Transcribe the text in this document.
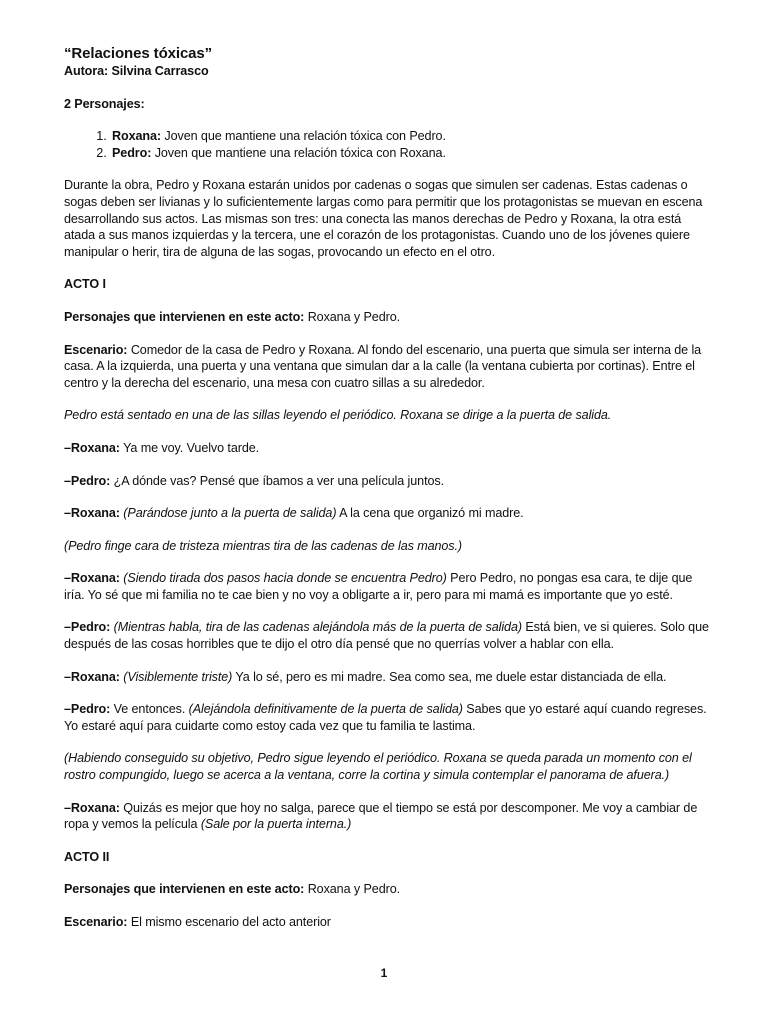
“Relaciones tóxicas”

Autora: Silvina Carrasco

2 Personajes:

1. Roxana: Joven que mantiene una relación tóxica con Pedro.
2. Pedro: Joven que mantiene una relación tóxica con Roxana.

Durante la obra, Pedro y Roxana estarán unidos por cadenas o sogas que simulen ser cadenas. Estas cadenas o sogas deben ser livianas y lo suficientemente largas como para permitir que los protagonistas se muevan en escena desarrollando sus actos. Las mismas son tres: una conecta las manos derechas de Pedro y Roxana, la otra está atada a sus manos izquierdas y la tercera, une el corazón de los protagonistas. Cuando uno de los jóvenes quiere manipular o herir, tira de alguna de las sogas, provocando un efecto en el otro.

ACTO I

Personajes que intervienen en este acto: Roxana y Pedro.

Escenario: Comedor de la casa de Pedro y Roxana. Al fondo del escenario, una puerta que simula ser interna de la casa. A la izquierda, una puerta y una ventana que simulan dar a la calle (la ventana cubierta por cortinas). Entre el centro y la derecha del escenario, una mesa con cuatro sillas a su alrededor.

Pedro está sentado en una de las sillas leyendo el periódico. Roxana se dirige a la puerta de salida.

–Roxana: Ya me voy. Vuelvo tarde.

–Pedro: ¿A dónde vas? Pensé que íbamos a ver una película juntos.

–Roxana: (Parándose junto a la puerta de salida) A la cena que organizó mi madre.

(Pedro finge cara de tristeza mientras tira de las cadenas de las manos.)

–Roxana: (Siendo tirada dos pasos hacia donde se encuentra Pedro) Pero Pedro, no pongas esa cara, te dije que iría. Yo sé que mi familia no te cae bien y no voy a obligarte a ir, pero para mi mamá es importante que yo esté.

–Pedro: (Mientras habla, tira de las cadenas alejándola más de la puerta de salida) Está bien, ve si quieres. Solo que después de las cosas horribles que te dijo el otro día pensé que no querrías volver a hablar con ella.

–Roxana: (Visiblemente triste) Ya lo sé, pero es mi madre. Sea como sea, me duele estar distanciada de ella.

–Pedro: Ve entonces. (Alejándola definitivamente de la puerta de salida) Sabes que yo estaré aquí cuando regreses. Yo estaré aquí para cuidarte como estoy cada vez que tu familia te lastima.

(Habiendo conseguido su objetivo, Pedro sigue leyendo el periódico. Roxana se queda parada un momento con el rostro compungido, luego se acerca a la ventana, corre la cortina y simula contemplar el panorama de afuera.)

–Roxana: Quizás es mejor que hoy no salga, parece que el tiempo se está por descomponer. Me voy a cambiar de ropa y vemos la película (Sale por la puerta interna.)

ACTO II

Personajes que intervienen en este acto: Roxana y Pedro.

Escenario: El mismo escenario del acto anterior

1
